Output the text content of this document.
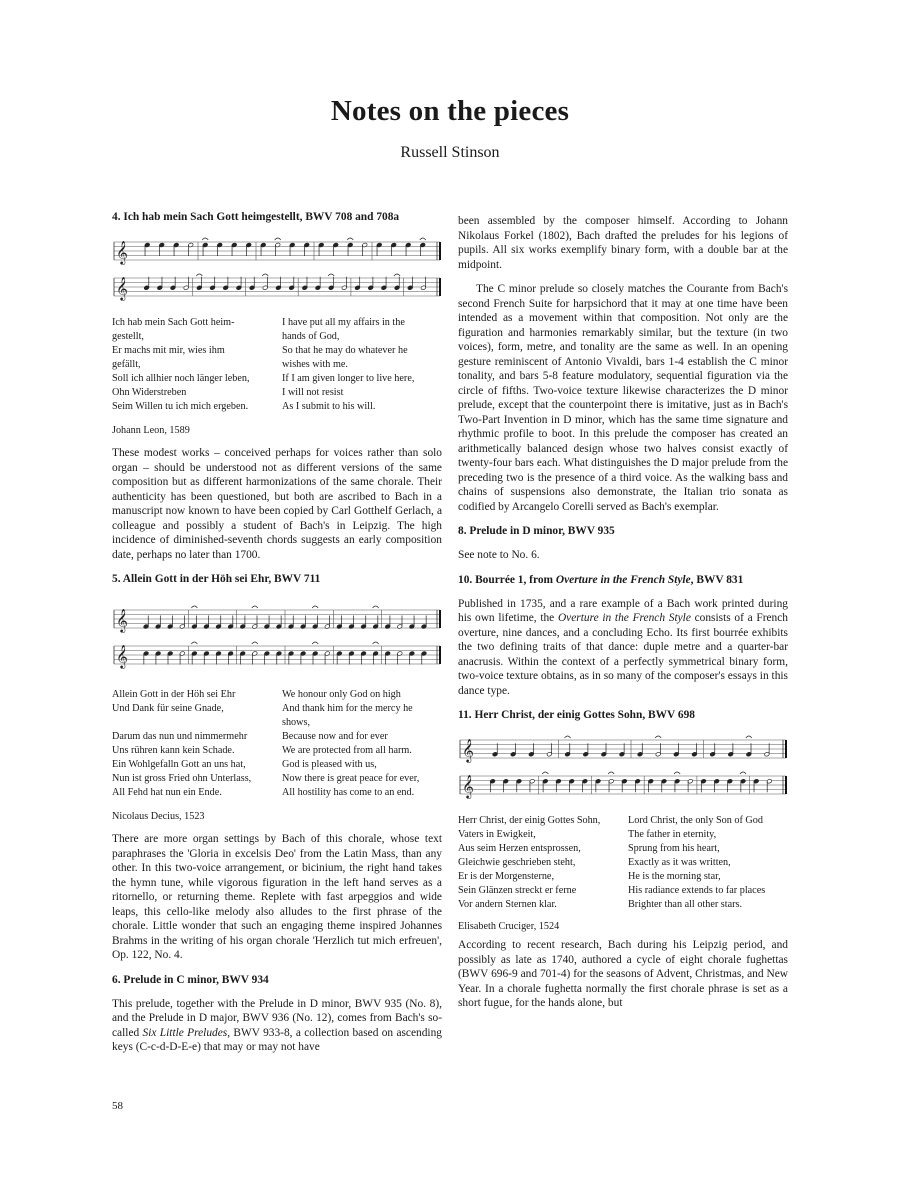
Notes on the pieces
Russell Stinson
4. Ich hab mein Sach Gott heimgestellt, BWV 708 and 708a
𝄞
𝄞
Ich hab mein Sach Gott heim-
gestellt,
Er machs mit mir, wies ihm
gefällt,
Soll ich allhier noch länger leben,
Ohn Widerstreben
Seim Willen tu ich mich ergeben.
I have put all my affairs in the
hands of God,
So that he may do whatever he
wishes with me.
If I am given longer to live here,
I will not resist
As I submit to his will.
Johann Leon, 1589

These modest works – conceived perhaps for voices rather than solo organ – should be understood not as different versions of the same composition but as different harmonizations of the same chorale. Their authenticity has been questioned, but both are ascribed to Bach in a manuscript now known to have been copied by Carl Gotthelf Gerlach, a colleague and possibly a student of Bach's in Leipzig. The high incidence of diminished-seventh chords suggests an early composition date, perhaps no later than 1700.

5. Allein Gott in der Höh sei Ehr, BWV 711
𝄞
𝄞
Allein Gott in der Höh sei Ehr
Und Dank für seine Gnade,

Darum das nun und nimmermehr
Uns rühren kann kein Schade.
Ein Wohlgefalln Gott an uns hat,
Nun ist gross Fried ohn Unterlass,
All Fehd hat nun ein Ende.
We honour only God on high
And thank him for the mercy he
shows,
Because now and for ever
We are protected from all harm.
God is pleased with us,
Now there is great peace for ever,
All hostility has come to an end.
Nicolaus Decius, 1523

There are more organ settings by Bach of this chorale, whose text paraphrases the 'Gloria in excelsis Deo' from the Latin Mass, than any other. In this two-voice arrangement, or bicinium, the right hand takes the hymn tune, while vigorous figuration in the left hand serves as a ritornello, or returning theme. Replete with fast arpeggios and wide leaps, this cello-like melody also alludes to the first phrase of the chorale. Little wonder that such an engaging theme inspired Johannes Brahms in the writing of his organ chorale 'Herzlich tut mich erfreuen', Op. 122, No. 4.

6. Prelude in C minor, BWV 934

This prelude, together with the Prelude in D minor, BWV 935 (No. 8), and the Prelude in D major, BWV 936 (No. 12), comes from Bach's so-called Six Little Preludes, BWV 933-8, a collection based on ascending keys (C-c-d-D-E-e) that may or may not have

been assembled by the composer himself. According to Johann Nikolaus Forkel (1802), Bach drafted the preludes for his legions of pupils. All six works exemplify binary form, with a double bar at the midpoint.

The C minor prelude so closely matches the Courante from Bach's second French Suite for harpsichord that it may at one time have been intended as a movement within that composition. Not only are the figuration and harmonies remarkably similar, but the texture (in two voices), form, metre, and tonality are the same as well. In an opening gesture reminiscent of Antonio Vivaldi, bars 1-4 establish the C minor tonality, and bars 5-8 feature modulatory, sequential figuration via the circle of fifths. Two-voice texture likewise characterizes the D minor prelude, except that the counterpoint there is imitative, just as in Bach's Two-Part Invention in D minor, which has the same time signature and rhythmic profile to boot. In this prelude the composer has created an arithmetically balanced design whose two halves consist exactly of twenty-four bars each. What distinguishes the D major prelude from the preceding two is the presence of a third voice. As the walking bass and chains of suspensions also demonstrate, the Italian trio sonata as codified by Arcangelo Corelli served as Bach's exemplar.

8. Prelude in D minor, BWV 935

See note to No. 6.

10. Bourrée 1, from Overture in the French Style, BWV 831

Published in 1735, and a rare example of a Bach work printed during his own lifetime, the Overture in the French Style consists of a French overture, nine dances, and a concluding Echo. Its first bourrée exhibits the two defining traits of that dance: duple metre and a quarter-bar anacrusis. Within the context of a perfectly symmetrical binary form, two-voice texture obtains, as in so many of the composer's essays in this dance type.

11. Herr Christ, der einig Gottes Sohn, BWV 698
𝄞
𝄞
Herr Christ, der einig Gottes Sohn,
Vaters in Ewigkeit,
Aus seim Herzen entsprossen,
Gleichwie geschrieben steht,
Er is der Morgensterne,
Sein Glänzen streckt er ferne
Vor andern Sternen klar.
Lord Christ, the only Son of God
The father in eternity,
Sprung from his heart,
Exactly as it was written,
He is the morning star,
His radiance extends to far places
Brighter than all other stars.
Elisabeth Cruciger, 1524

According to recent research, Bach during his Leipzig period, and possibly as late as 1740, authored a cycle of eight chorale fughettas (BWV 696-9 and 701-4) for the seasons of Advent, Christmas, and New Year. In a chorale fughetta normally the first chorale phrase is set as a short fugue, for the hands alone, but

58
